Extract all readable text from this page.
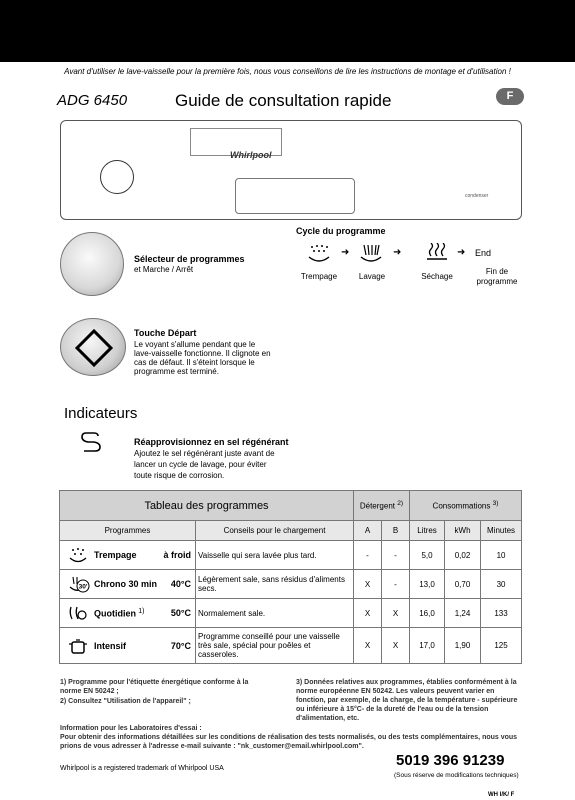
Avant d'utiliser le lave-vaisselle pour la première fois, nous vous conseillons de lire les instructions de montage et d'utilisation !
ADG 6450	Guide de consultation rapide	F
Whirlpool
condenser
Sélecteur de programmes
et Marche / Arrêt
Touche Départ
Le voyant s'allume pendant que le
lave-vaisselle fonctionne. Il clignote en
cas de défaut. Il s'éteint lorsque le
programme est terminé.
Cycle du programme
➜	➜	➜ End
Trempage	Lavage	Séchage
Fin de programme
Indicateurs
Réapprovisionnez en sel régénérant
Ajoutez le sel régénérant juste avant de
lancer un cycle de lavage, pour éviter
toute risque de corrosion.
Tableau des programmes		Détergent $^{2)}$		Consommations $^{3)}$
Programmes	Conseils pour le chargement	A	B	Litres	kWh	Minutes

Trempage à froid	Vaisselle qui sera lavée plus tard.	-	-	5,0	0,02	10

30' Chrono 30 min 40°C	Légèrement sale, sans résidus d'aliments secs.	X	-	13,0	0,70	30

Quotidien $^{1)}$ 50°C	Normalement sale.	X	X	16,0	1,24	133

Intensif 70°C	Programme conseillé pour une vaisselle très sale, spécial pour poêles et casseroles.	X	X	17,0	1,90	125
1) Programme pour l'étiquette énergétique conforme à la norme EN 50242 ;
2) Consultez "Utilisation de l'appareil" ;
3) Données relatives aux programmes, établies conformément à la norme européenne EN 50242. Les valeurs peuvent varier en fonction, par exemple, de la charge, de la température - supérieure ou inférieure à 15°C- de la dureté de l'eau ou de la tension d'alimentation, etc.
Information pour les Laboratoires d'essai :
Pour obtenir des informations détaillées sur les conditions de réalisation des tests normalisés, ou des tests complémentaires, nous vous prions de vous adresser à l'adresse e-mail suivante : "nk_customer@email.whirlpool.com".
Whirlpool is a registered trademark of Whirlpool USA	5019 396 91239
(Sous réserve de modifications techniques)
WH I/K/ F
